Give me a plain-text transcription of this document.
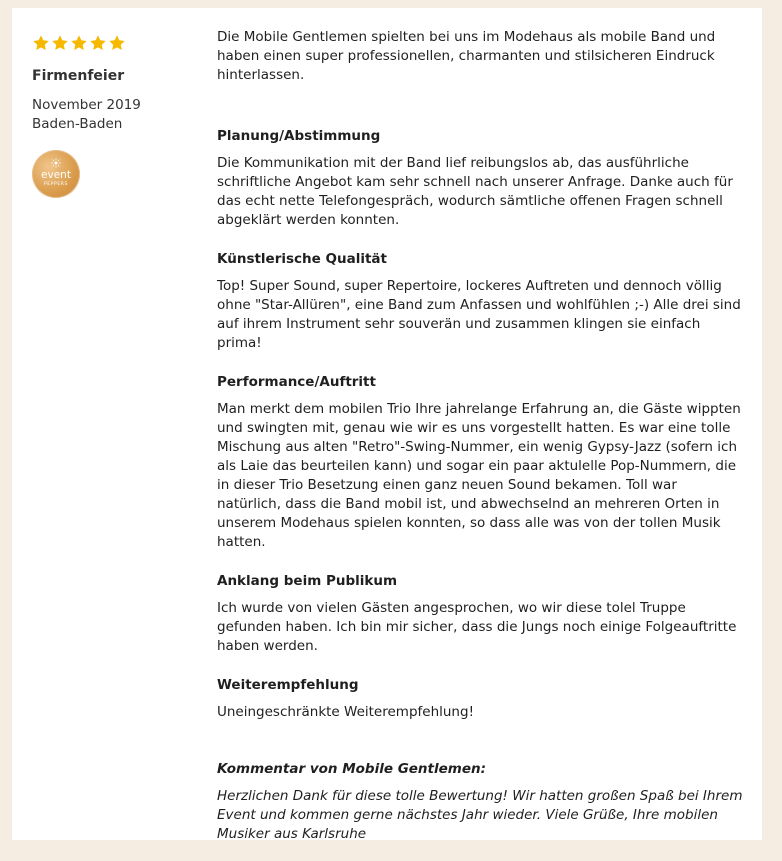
Firmenfeier
November 2019
Baden-Baden
event
PEPPERS

Die Mobile Gentlemen spielten bei uns im Modehaus als mobile Band und haben einen super professionellen, charmanten und stilsicheren Eindruck hinterlassen.

Planung/Abstimmung

Die Kommunikation mit der Band lief reibungslos ab, das ausführliche schriftliche Angebot kam sehr schnell nach unserer Anfrage. Danke auch für das echt nette Telefongespräch, wodurch sämtliche offenen Fragen schnell abgeklärt werden konnten.

Künstlerische Qualität

Top! Super Sound, super Repertoire, lockeres Auftreten und dennoch völlig ohne "Star-Allüren", eine Band zum Anfassen und wohlfühlen ;-) Alle drei sind auf ihrem Instrument sehr souverän und zusammen klingen sie einfach prima!

Performance/Auftritt

Man merkt dem mobilen Trio Ihre jahrelange Erfahrung an, die Gäste wippten und swingten mit, genau wie wir es uns vorgestellt hatten. Es war eine tolle Mischung aus alten "Retro"-Swing-Nummer, ein wenig Gypsy-Jazz (sofern ich als Laie das beurteilen kann) und sogar ein paar aktulelle Pop-Nummern, die in dieser Trio Besetzung einen ganz neuen Sound bekamen. Toll war natürlich, dass die Band mobil ist, und abwechselnd an mehreren Orten in unserem Modehaus spielen konnten, so dass alle was von der tollen Musik hatten.

Anklang beim Publikum

Ich wurde von vielen Gästen angesprochen, wo wir diese tolel Truppe gefunden haben. Ich bin mir sicher, dass die Jungs noch einige Folgeauftritte haben werden.

Weiterempfehlung

Uneingeschränkte Weiterempfehlung!

Kommentar von Mobile Gentlemen:

Herzlichen Dank für diese tolle Bewertung! Wir hatten großen Spaß bei Ihrem Event und kommen gerne nächstes Jahr wieder. Viele Grüße, Ihre mobilen Musiker aus Karlsruhe
